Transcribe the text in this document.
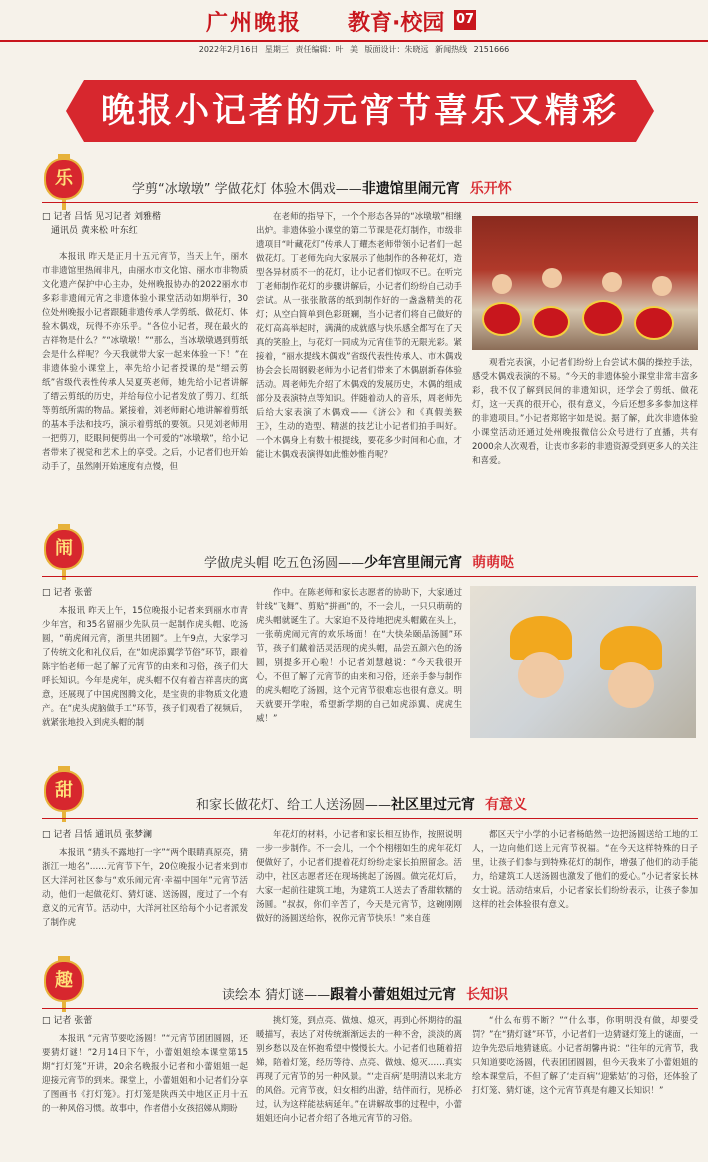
广州晚报 教育·校园 07
2022年2月16日 星期三 责任编辑：叶 美 版面设计：朱晓远 新闻热线 2151666
晚报小记者的元宵节喜乐又精彩
乐
学剪“冰墩墩” 学做花灯 体验木偶戏——非遗馆里闹元宵 乐开怀
□ 记者 吕恬 见习记者 刘雅楷
　通讯员 黄来松 叶东红

本报讯 昨天是正月十五元宵节，当天上午，丽水市非遗馆里热闹非凡，由丽水市文化馆、丽水市非物质文化遗产保护中心主办，处州晚报协办的2022丽水市多彩非遗闹元宵之非遗体验小课堂活动如期举行，30位处州晚报小记者跟随非遗传承人学剪纸、做花灯、体验木偶戏，玩得不亦乐乎。“各位小记者，现在最火的吉祥物是什么？”“冰墩墩！”“那么，当冰墩墩遇到剪纸会是什么样呢？今天我就带大家一起来体验一下！”在非遗体验小课堂上，率先给小记者授课的是“缙云剪纸”省级代表性传承人吴夏英老师，她先给小记者讲解了缙云剪纸的历史，并给每位小记者发放了剪刀、红纸等剪纸所需的物品。紧接着，刘老师耐心地讲解着剪纸的基本手法和技巧，演示着剪纸的要领。只见刘老师用一把剪刀，眨眼间便剪出一个可爱的“冰墩墩”，给小记者带来了视觉和艺术上的享受。之后，小记者们也开始动手了，虽然刚开始速度有点慢，但

在老师的指导下，一个个形态各异的“冰墩墩”相继出炉。非遗体验小课堂的第二节课是花灯制作，市级非遗项目“叶藏花灯”传承人丁耀杰老师带领小记者们一起做花灯。丁老师先向大家展示了他制作的各种花灯，造型各异材质不一的花灯，让小记者们惊叹不已。在听完丁老师制作花灯的步骤讲解后，小记者们纷纷自己动手尝试。从一张张散落的纸到制作好的一盏盏精美的花灯；从空白简单到色彩斑斓，当小记者们将自己做好的花灯高高举起时，满满的成就感与快乐感全都写在了天真的笑脸上，与花灯一同成为元宵佳节的无限光彩。紧接着，“丽水提线木偶戏”省级代表性传承人、市木偶戏协会会长周钢毅老师为小记者们带来了木偶剧新春体验活动。周老师先介绍了木偶戏的发展历史，木偶的组成部分及表演特点等知识。伴随着动人的音乐，周老师先后给大家表演了木偶戏——《济公》和《真假美猴王》，生动的造型、精湛的技艺让小记者们拍手叫好。一个木偶身上有数十根提线，要花多少时间和心血，才能让木偶戏表演得如此惟妙惟肖呢？

观看完表演，小记者们纷纷上台尝试木偶的操控手法，感受木偶戏表演的不易。“今天的非遗体验小课堂非常丰富多彩，我不仅了解到民间的非遗知识，还学会了剪纸、做花灯，这一天真的很开心，很有意义，今后还想多多参加这样的非遗项目。”小记者郑铭宇如是说。据了解，此次非遗体验小课堂活动还通过处州晚报微信公众号进行了直播，共有2000余人次观看，让丧市多彩的非遗资源受到更多人的关注和喜爱。

闹
学做虎头帽 吃五色汤圆——少年宫里闹元宵 萌萌哒
□ 记者 张蕾

本报讯 昨天上午，15位晚报小记者来到丽水市青少年宫，和35名留丽少先队员一起制作虎头帽、吃汤圆，“萌虎闹元宵，浙里共团圆”。上午9点，大家学习了传统文化和礼仪后，在“如虎添翼学节俗”环节，跟着陈宇怡老师一起了解了元宵节的由来和习俗，孩子们大呼长知识。今年是虎年，虎头帽不仅有着吉祥喜庆的寓意，还展现了中国虎图腾文化，是宝贵的非物质文化遗产。在“虎头虎脑做手工”环节，孩子们观看了视频后，就紧张地投入到虎头帽的制

作中。在陈老师和家长志愿者的协助下，大家通过针线“飞舞”、剪贴“拼画”的，不一会儿，一只只萌萌的虎头帽就诞生了。大家迫不及待地把虎头帽戴在头上，一张萌虎闹元宵的欢乐场面！在“大快朵颐品汤圆”环节，孩子们戴着活灵活现的虎头帽，品尝五颜六色的汤圆，别提多开心啦！小记者刘慧越说：“今天我很开心，不但了解了元宵节的由来和习俗，还亲手参与制作的虎头帽吃了汤圆，这个元宵节很难忘也很有意义。明天就要开学啦，希望新学期的自己如虎添翼、虎虎生威！”

甜
和家长做花灯、给工人送汤圆——社区里过元宵 有意义
□ 记者 吕恬 通讯员 张梦澜

本报讯 “猜头不露地打一字”“两个眼睛真原亮，猜浙江一地名”……元宵节下午，20位晚报小记者来到市区大洋河社区参与“欢乐闹元宵·幸福中国年”元宵节活动，他们一起做花灯、猜灯谜、送汤圆，度过了一个有意义的元宵节。活动中，大洋河社区给每个小记者派发了制作虎

年花灯的材料，小记者和家长相互协作，按照说明一步一步制作。不一会儿，一个个栩栩如生的虎年花灯便做好了，小记者们提着花灯纷纷走家长拍照留念。活动中，社区志愿者还在现场挑起了汤圆。做完花灯后，大家一起前往建筑工地，为建筑工人送去了香甜软糯的汤圆。“叔叔，你们辛苦了，今天是元宵节，这碗刚刚做好的汤圆送给你，祝你元宵节快乐！”来自莲

都区天宁小学的小记者杨皓然一边把汤圆送给工地的工人，一边向他们送上元宵节祝福。“在今天这样特殊的日子里，让孩子们参与到特殊花灯的制作，增强了他们的动手能力，给建筑工人送汤圆也激发了他们的爱心。”小记者家长林女士说。活动结束后，小记者家长们纷纷表示，让孩子参加这样的社会体验很有意义。

趣
读绘本 猜灯谜——跟着小蕾姐姐过元宵 长知识
□ 记者 张蕾

本报讯 “元宵节要吃汤圆！”“元宵节团团圆圆，还要猜灯谜！”2月14日下午，小蕾姐姐绘本课堂第15期“打灯笼”开讲，20余名晚报小记者和小蕾姐姐一起迎接元宵节的到来。课堂上，小蕾姐姐和小记者们分享了图画书《打灯笼》。打灯笼是陕西关中地区正月十五的一种风俗习惯。故事中，作者借小女孩招娣从期盼

挑灯笼，到点亮、做烛、熄灭，再到心怀期待的温暖描写，表达了对传统渐渐远去的一种不舍，淡淡的离别乡愁以及在怀抱希望中慢慢长大。小记者们也随着招娣，陪着灯笼，经历等待、点亮、做烛、熄灭……真实再现了元宵节的另一种风景。“‘走百病’是明清以来北方的风俗。元宵节夜，妇女相约出游，结伴而行，见桥必过，认为这样能祛病延年。”在讲解故事的过程中，小蕾姐姐还向小记者介绍了各地元宵节的习俗。

“什么布剪不断？”“什么事，你明明没有做，却要受罚？”在“猜灯谜”环节，小记者们一边猜谜灯笼上的谜面，一边争先恐后地猜谜底。小记者胡馨冉说：“往年的元宵节，我只知道要吃汤圆，代表团团圆圆，但今天我来了小蕾姐姐的绘本课堂后，不但了解了‘走百病’‘迎紫姑’的习俗，还体验了打灯笼、猜灯谜，这个元宵节真是有趣又长知识！”
